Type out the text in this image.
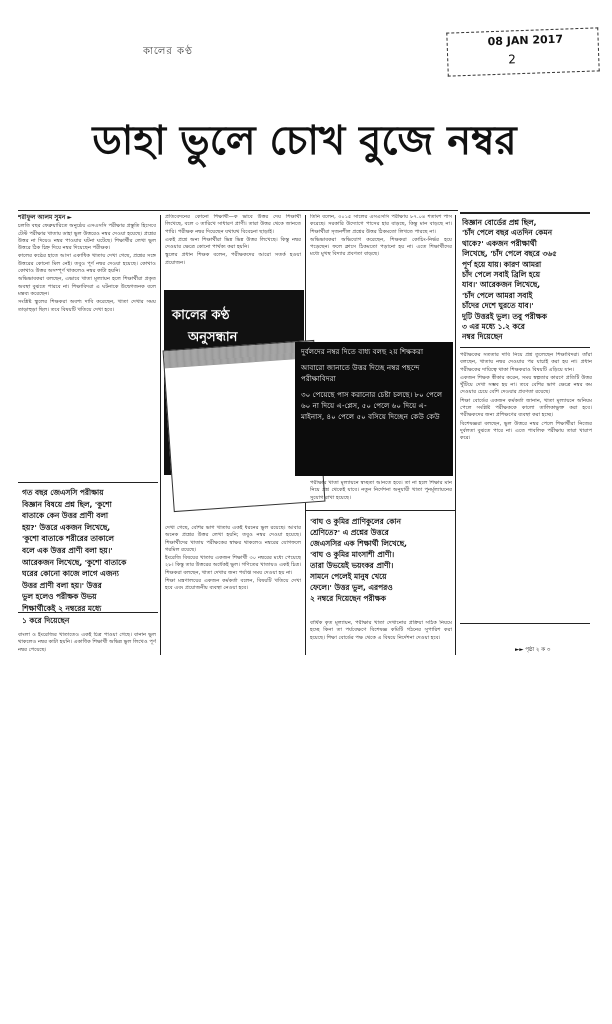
কালের কণ্ঠ
08 JAN 2017
2
ডাহা ভুলে চোখ বুজে নম্বর

শরীফুল আলম সুমন ►

চলতি বছর ফেব্রুয়ারিতে অনুষ্ঠেয় এসএসসি পরীক্ষার প্রস্তুতি হিসেবে টেস্ট পরীক্ষার খাতায় ডাহা ভুল উত্তরেও নম্বর দেওয়া হয়েছে। প্রশ্নের উত্তর না দিয়েও নম্বর পাওয়ার ঘটনা ঘটেছে। শিক্ষার্থীর লেখা ভুল উত্তরে ঠিক চিহ্ন দিয়ে নম্বর দিয়েছেন পরীক্ষক।

কালের কণ্ঠের হাতে আসা একাধিক খাতায় দেখা গেছে, প্রশ্নের সঙ্গে উত্তরের কোনো মিল নেই। তবুও পূর্ণ নম্বর দেওয়া হয়েছে। কোথাও কোথাও উত্তর অসম্পূর্ণ থাকলেও নম্বর কাটা হয়নি।

অভিভাবকরা বলছেন, এভাবে খাতা মূল্যায়ন হলে শিক্ষার্থীরা প্রকৃত অবস্থা বুঝতে পারবে না। শিক্ষাবিদরা এ ঘটনাকে উদ্বেগজনক বলে মন্তব্য করেছেন।

সংশ্লিষ্ট স্কুলের শিক্ষকরা অবশ্য দাবি করেছেন, খাতা দেখার সময় তাড়াহুড়া ছিল। তবে বিষয়টি খতিয়ে দেখা হবে।

গত বছর জেএসসি পরীক্ষায়
বিজ্ঞান বিষয়ে প্রশ্ন ছিল, 'কুশো
বাতাকে কেন উত্তর প্রাণী বলা
হয়?' উত্তরে একজন লিখেছে,
'কুশো বাতাকে শরীরের তাকালে
বলে এক উত্তর প্রাণী বলা হয়।'
আরেকজন লিখেছে, 'কুশো বাতাকে
ঘরের কোনো কাজে লাগে এজন্য
উত্তর প্রাণী বলা হয়।' উত্তর
ভুল হলেও পরীক্ষক উভয়
শিক্ষার্থীকেই ২ নম্বরের মধ্যে
১ করে দিয়েছেন

বাংলা ও ইংরেজির খাতাতেও একই চিত্র পাওয়া গেছে। বানান ভুল থাকলেও নম্বর কাটা হয়নি। একাধিক শিক্ষার্থী অভিন্ন ভুল লিখেও পূর্ণ নম্বর পেয়েছে।

প্রতিবেদনের কোনো শিক্ষার্থী—ক ভাবে উত্তর দেয় শিক্ষার্থী লিখেছে, বলে ৩ তারিখে সাধারণ প্রাণী। তারা উত্তর থেকে জানতে পারি। পরীক্ষক নম্বর দিয়েছেন যথাযথ বিবেচনা ছাড়াই।

একই প্রশ্নে অন্য শিক্ষার্থীরা ভিন্ন ভিন্ন উত্তর লিখেছে। কিন্তু নম্বর দেওয়ার ক্ষেত্রে কোনো পার্থক্য করা হয়নি।

স্কুলের প্রধান শিক্ষক বলেন, পরীক্ষকদের আরো সতর্ক হওয়া প্রয়োজন।

কালের কণ্ঠ
অনুসন্ধান

দেখা গেছে, বেশির ভাগ খাতায় একই ধরনের ভুল রয়েছে। আবার অনেক প্রশ্নের উত্তর লেখা হয়নি; তবুও নম্বর দেওয়া হয়েছে। শিক্ষার্থীদের খাতায় পরীক্ষকের স্বাক্ষর থাকলেও নম্বরের যোগফলে গরমিল রয়েছে।

ইংরেজি বিষয়ের খাতায় একজন শিক্ষার্থী ৩০ নম্বরের মধ্যে পেয়েছে ২৮। কিন্তু তার উত্তরের অর্ধেকই ভুল। গণিতের খাতায়ও একই চিত্র। শিক্ষকরা বলছেন, খাতা দেখার জন্য পর্যাপ্ত সময় দেওয়া হয় না।

শিক্ষা মন্ত্রণালয়ের একজন কর্মকর্তা বলেন, বিষয়টি খতিয়ে দেখা হবে এবং প্রয়োজনীয় ব্যবস্থা নেওয়া হবে।

তিনি বলেন, ৩০১৫ সালের এসএসসি পরীক্ষায় ৮৭.০৪ শতাংশ পাস করেছে। সরকারি উদ্যোগে পাসের হার বাড়ছে, কিন্তু মান বাড়ছে না। শিক্ষার্থীরা সৃজনশীল প্রশ্নের উত্তর ঠিকমতো লিখতে পারছে না।

অভিভাবকরা অভিযোগ করেছেন, শিক্ষকরা কোচিং-নির্ভর হয়ে পড়েছেন। ফলে ক্লাসে ঠিকমতো পড়ানো হয় না। এতে শিক্ষার্থীদের মধ্যে মুখস্থ বিদ্যার প্রবণতা বাড়ছে।

দুর্বলদের নম্বর দিতে বাধ্য বলছ ২য় শিক্ষকরা

আবারো জানাতে উত্তর দিচ্ছে নম্বর পছন্দে পরীক্ষাবিদরা

৩০ পেয়েছে পাস করানোর চেষ্টা চলছে। ৮০ পেলে ৬০ না দিয়ে এ-প্লেস, ৫০ পেলে ৬০ দিয়ে এ-মাইনাস, ৪০ পেলে ৫০ বসিয়ে দিচ্ছেন কেউ কেউ

পরীক্ষার খাতা মূল্যায়নে স্বচ্ছতা আনতে হবে। তা না হলে শিক্ষার মান নিয়ে প্রশ্ন থেকেই যাবে। নতুন নির্দেশনা অনুযায়ী খাতা পুনর্মূল্যায়নের সুযোগ রাখা হয়েছে।

'বাঘ ও কুমির প্রাণিকুলের কোন
শ্রেণিতে?' এ প্রশ্নের উত্তরে
জেএসসির এক শিক্ষার্থী লিখেছে,
'বাঘ ও কুমির মাংসাশী প্রাণী।
তারা উভয়েই ভয়ংকর প্রাণী।
সামনে পেলেই মানুষ খেয়ে
ফেলে।' উত্তর ভুল, এরপরও
২ নম্বরে দিয়েছেন পরীক্ষক

বার্ষিক কৃত মূল্যায়ন, পরীক্ষার খাতা দেখানোর প্রক্রিয়া সঠিক নিয়মে হচ্ছে কিনা তা পর্যবেক্ষণে বিশেষজ্ঞ কমিটি গঠনের সুপারিশ করা হয়েছে। শিক্ষা বোর্ডের পক্ষ থেকে এ বিষয়ে নির্দেশনা দেওয়া হবে।

বিজ্ঞান বোর্ডের প্রশ্ন ছিল,
'চাঁদ পেলে বছর এতদিন কেমন
থাকে?' একজন পরীক্ষার্থী
লিখেছে, 'চাঁদ পেলে বছরে ৩৬৫
পূর্ণ হয়ে যায়। কারণ আমরা
চাঁদ পেলে সবাই ব্রিলি হয়ে
যাব।' আরেকজন লিখেছে,
'চাঁদ পেলে আমরা সবাই
চাঁদের দেশে ঘুরতে যাব।'
দুটি উত্তরই ভুল। তবু পরীক্ষক
৩ এর মধ্যে ১.২ করে
নম্বর দিয়েছেন

পরীক্ষকের সততার দাবি নিয়ে প্রশ্ন তুলেছেন শিক্ষাবিদরা। তাঁরা বলছেন, খাতায় নম্বর দেওয়ার পর যাচাই করা হয় না। প্রধান পরীক্ষকের দায়িত্বে থাকা শিক্ষকরাও বিষয়টি এড়িয়ে যান।

একজন শিক্ষক স্বীকার করেন, সময় স্বল্পতার কারণে প্রতিটি উত্তর খুঁটিয়ে দেখা সম্ভব হয় না। তবে বেশির ভাগ ক্ষেত্রে নম্বর কম দেওয়ার চেয়ে বেশি দেওয়ার প্রবণতা রয়েছে।

শিক্ষা বোর্ডের একজন কর্মকর্তা জানান, খাতা মূল্যায়নে অনিয়ম পেলে সংশ্লিষ্ট পরীক্ষককে কালো তালিকাভুক্ত করা হবে। পরীক্ষকদের জন্য প্রশিক্ষণের ব্যবস্থা করা হচ্ছে।

বিশেষজ্ঞরা বলছেন, ভুল উত্তরে নম্বর পেলে শিক্ষার্থীরা নিজের দুর্বলতা বুঝতে পারে না। এতে পাবলিক পরীক্ষায় তারা খারাপ করে।

►► পৃষ্ঠা ২ ক ৩
